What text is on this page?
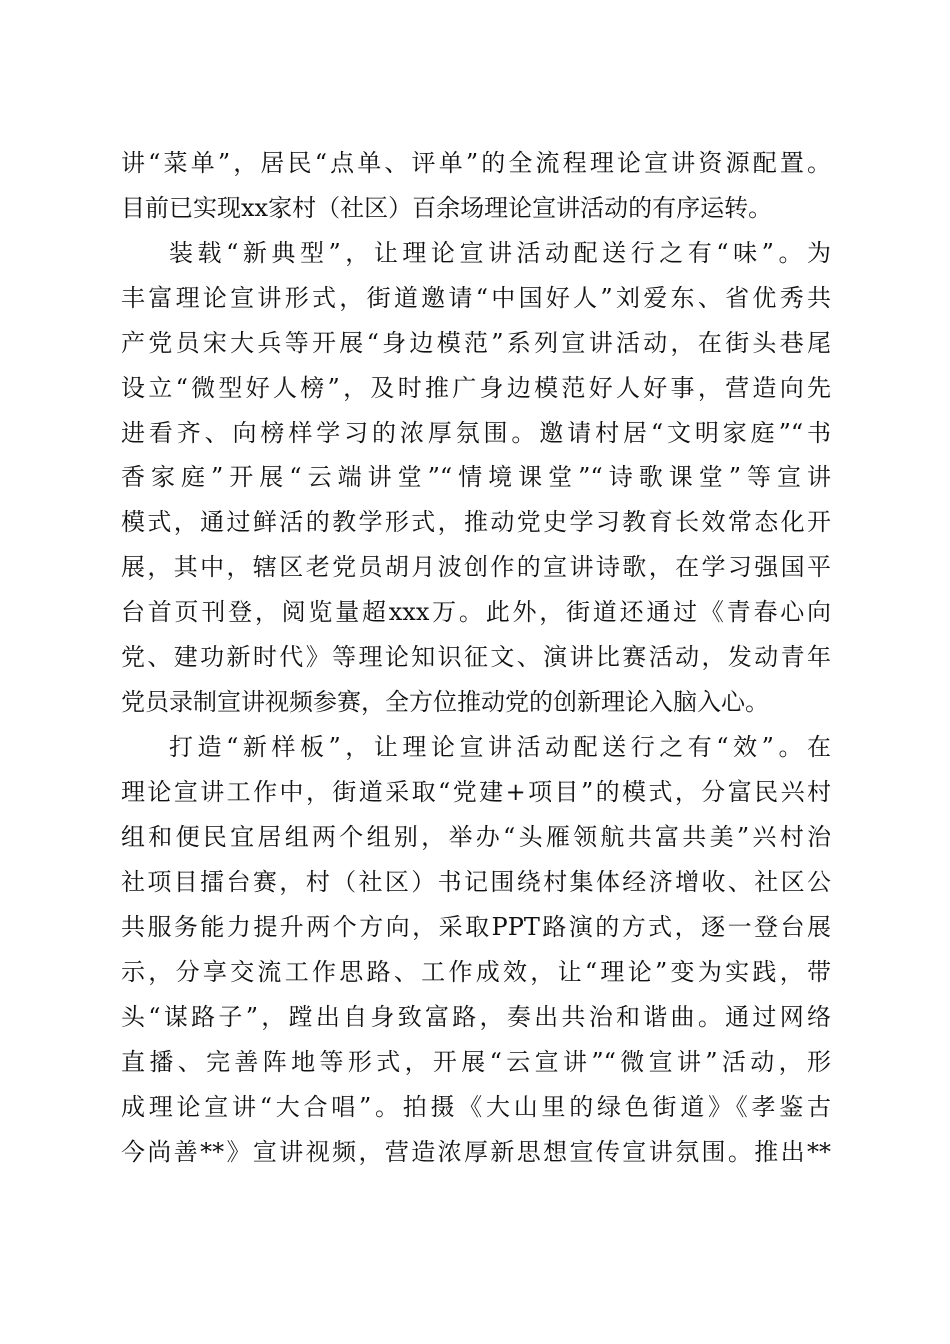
讲“菜单”，居民“点单、评单”的全流程理论宣讲资源配置。
目前已实现xx家村（社区）百余场理论宣讲活动的有序运转。
装载“新典型”，让理论宣讲活动配送行之有“味”。为
丰富理论宣讲形式，街道邀请“中国好人”刘爱东、省优秀共
产党员宋大兵等开展“身边模范”系列宣讲活动，在街头巷尾
设立“微型好人榜”，及时推广身边模范好人好事，营造向先
进看齐、向榜样学习的浓厚氛围。邀请村居“文明家庭”“书
香家庭”开展“云端讲堂”“情境课堂”“诗歌课堂”等宣讲
模式，通过鲜活的教学形式，推动党史学习教育长效常态化开
展，其中，辖区老党员胡月波创作的宣讲诗歌，在学习强国平
台首页刊登，阅览量超xxx万。此外，街道还通过《青春心向
党、建功新时代》等理论知识征文、演讲比赛活动，发动青年
党员录制宣讲视频参赛，全方位推动党的创新理论入脑入心。
打造“新样板”，让理论宣讲活动配送行之有“效”。在
理论宣讲工作中，街道采取“党建+项目”的模式，分富民兴村
组和便民宜居组两个组别，举办“头雁领航共富共美”兴村治
社项目擂台赛，村（社区）书记围绕村集体经济增收、社区公
共服务能力提升两个方向，采取PPT路演的方式，逐一登台展
示，分享交流工作思路、工作成效，让“理论”变为实践，带
头“谋路子”，蹚出自身致富路，奏出共治和谐曲。通过网络
直播、完善阵地等形式，开展“云宣讲”“微宣讲”活动，形
成理论宣讲“大合唱”。拍摄《大山里的绿色街道》《孝鉴古
今尚善**》宣讲视频，营造浓厚新思想宣传宣讲氛围。推出**
